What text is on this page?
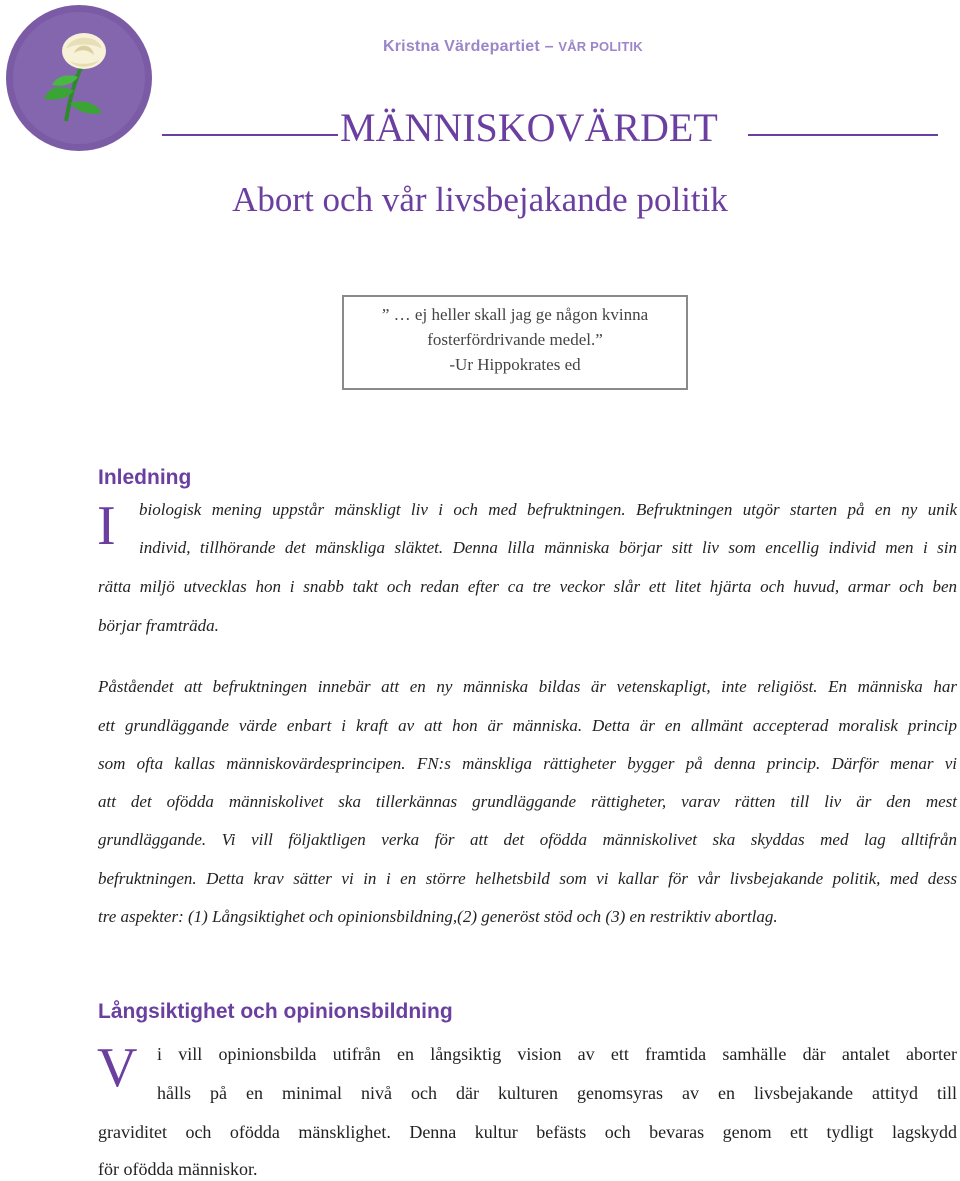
Kristna Värdepartiet – VÅR POLITIK
MÄNNISKOVÄRDET
Abort och vår livsbejakande politik
” … ej heller skall jag ge någon kvinna
fosterfördrivande medel.”
-Ur Hippokrates ed
Inledning
I biologisk mening uppstår mänskligt liv i och med befruktningen. Befruktningen utgör starten på en ny unik
individ, tillhörande det mänskliga släktet. Denna lilla människa börjar sitt liv som encellig individ men i sin
rätta miljö utvecklas hon i snabb takt och redan efter ca tre veckor slår ett litet hjärta och huvud, armar och ben
börjar framträda.
Påståendet att befruktningen innebär att en ny människa bildas är vetenskapligt, inte religiöst. En människa har
ett grundläggande värde enbart i kraft av att hon är människa. Detta är en allmänt accepterad moralisk princip
som ofta kallas människovärdesprincipen. FN:s mänskliga rättigheter bygger på denna princip. Därför menar vi
att det ofödda människolivet ska tillerkännas grundläggande rättigheter, varav rätten till liv är den mest
grundläggande. Vi vill följaktligen verka för att det ofödda människolivet ska skyddas med lag alltifrån
befruktningen. Detta krav sätter vi in i en större helhetsbild som vi kallar för vår livsbejakande politik, med dess
tre aspekter: (1) Långsiktighet och opinionsbildning,(2) generöst stöd och (3) en restriktiv abortlag.
Långsiktighet och opinionsbildning
V i vill opinionsbilda utifrån en långsiktig vision av ett framtida samhälle där antalet aborter
hålls på en minimal nivå och där kulturen genomsyras av en livsbejakande attityd till
graviditet och ofödda mänsklighet. Denna kultur befästs och bevaras genom ett tydligt lagskydd
för ofödda människor.
